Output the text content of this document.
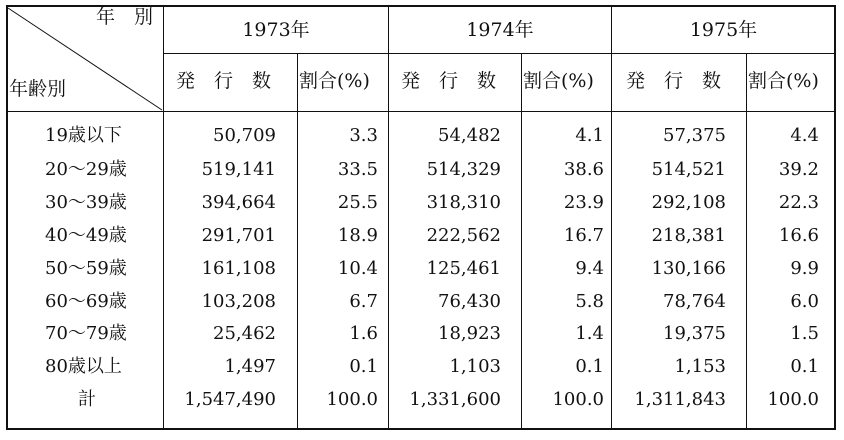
年　別
年齢別
1973年	1974年	1975年
発　行　数 割合(%) 発　行　数 割合(%) 発　行　数 割合(%)
19歳以下	50,709	3.3	54,482	4.1	57,375	4.4
20〜29歳	519,141	33.5	514,329	38.6	514,521	39.2
30〜39歳	394,664	25.5	318,310	23.9	292,108	22.3
40〜49歳	291,701	18.9	222,562	16.7	218,381	16.6
50〜59歳	161,108	10.4	125,461	9.4	130,166	9.9
60〜69歳	103,208	6.7	76,430	5.8	78,764	6.0
70〜79歳	25,462	1.6	18,923	1.4	19,375	1.5
80歳以上	1,497	0.1	1,103	0.1	1,153	0.1
計	1,547,490	100.0	1,331,600	100.0	1,311,843	100.0
